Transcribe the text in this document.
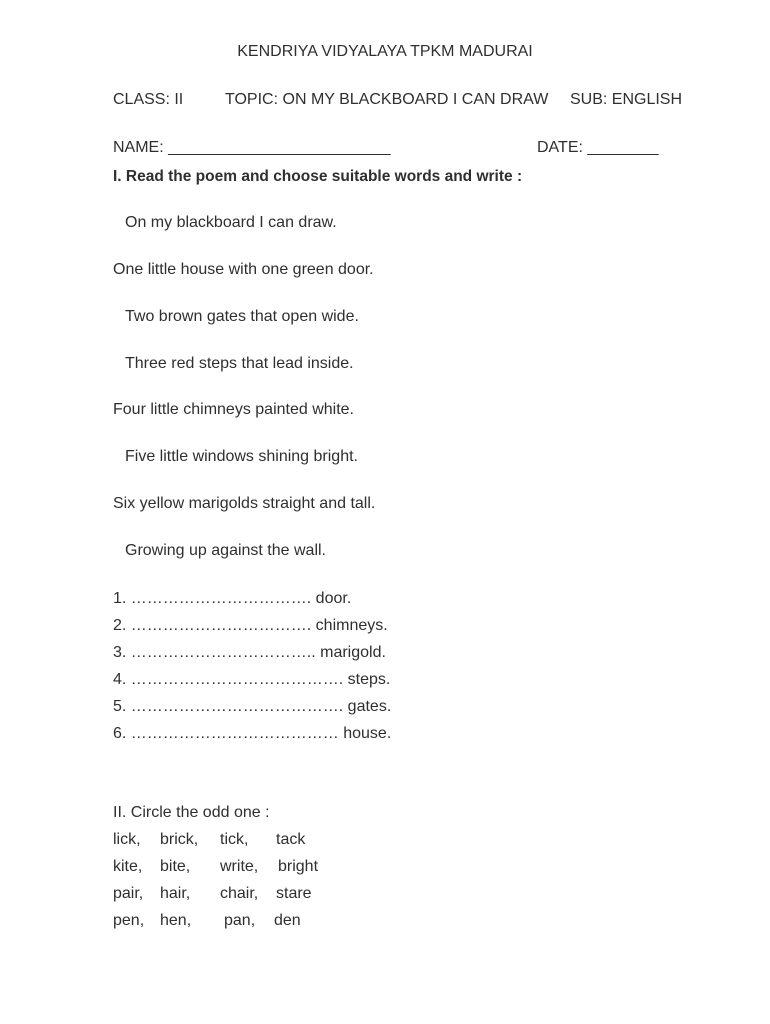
KENDRIYA VIDYALAYA TPKM MADURAI
CLASS: II	TOPIC: ON MY BLACKBOARD I CAN DRAW SUB: ENGLISH
NAME: _________________________	DATE: ________
I. Read the poem and choose suitable words and write :
On my blackboard I can draw.
One little house with one green door.
Two brown gates that open wide.
Three red steps that lead inside.
Four little chimneys painted white.
Five little windows shining bright.
Six yellow marigolds straight and tall.
Growing up against the wall.
1. ……………………………. door.
2. ……………………………. chimneys.
3. …………………………….. marigold.
4. …………………………………. steps.
5. …………………………………. gates.
6. ………………………………… house.
II. Circle the odd one :
lick, brick, tick, tack
kite, bite, write, bright
pair, hair, chair, stare
pen, hen, pan, den
